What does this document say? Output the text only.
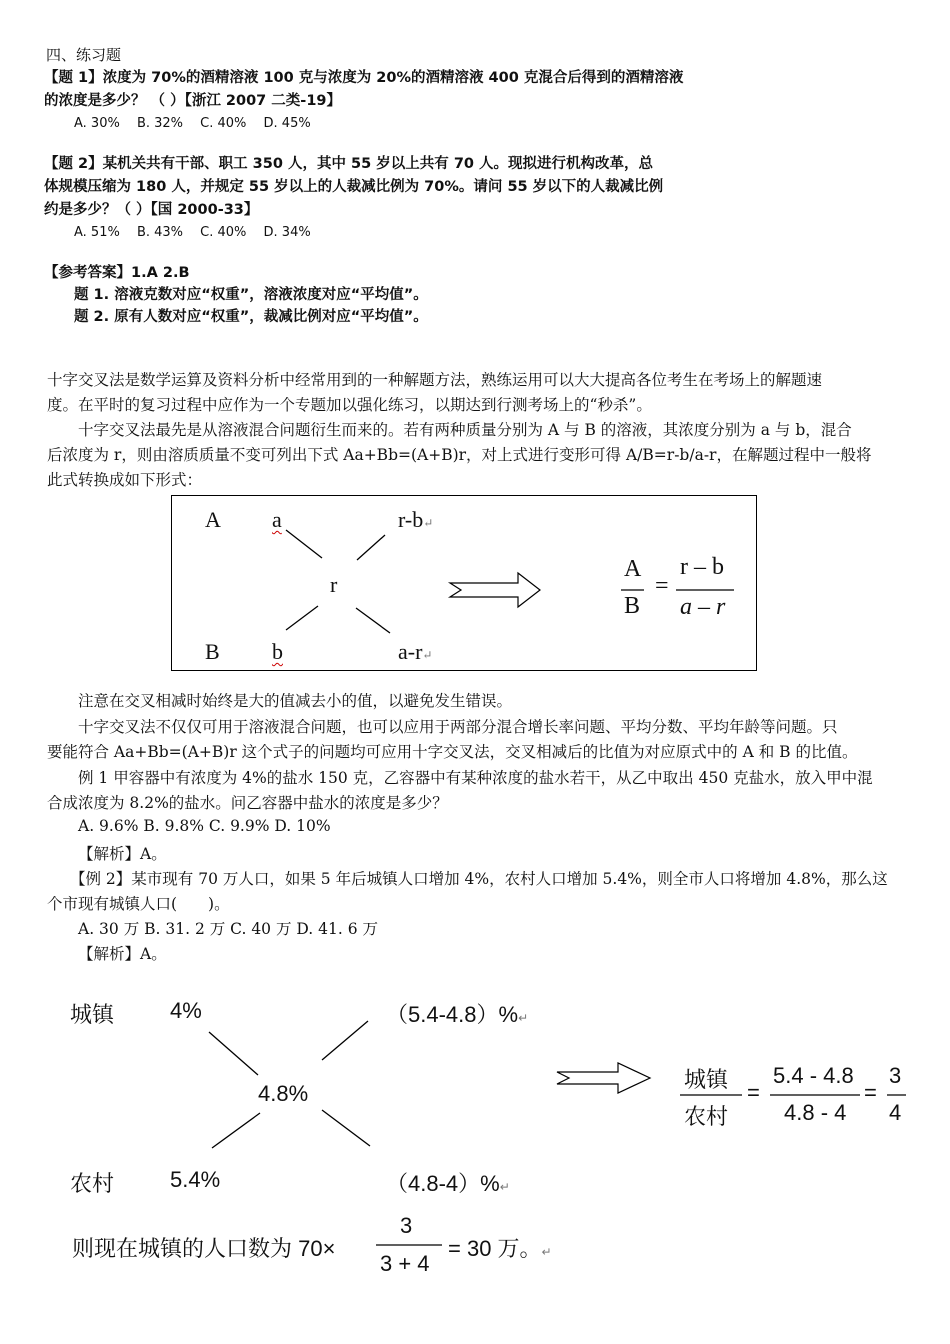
四、练习题
【题 1】浓度为 70%的酒精溶液 100 克与浓度为 20%的酒精溶液 400 克混合后得到的酒精溶液
的浓度是多少？ （ ）【浙江 2007 二类-19】
A. 30%　 B. 32%　 C. 40%　 D. 45%
【题 2】某机关共有干部、职工 350 人，其中 55 岁以上共有 70 人。现拟进行机构改革，总
体规模压缩为 180 人，并规定 55 岁以上的人裁减比例为 70%。请问 55 岁以下的人裁减比例
约是多少？（ ）【国 2000-33】
A. 51%　 B. 43%　 C. 40%　 D. 34%
【参考答案】1.A 2.B
题 1. 溶液克数对应“权重”，溶液浓度对应“平均值”。
题 2. 原有人数对应“权重”，裁减比例对应“平均值”。
十字交叉法是数学运算及资料分析中经常用到的一种解题方法，熟练运用可以大大提高各位考生在考场上的解题速
度。在平时的复习过程中应作为一个专题加以强化练习，以期达到行测考场上的“秒杀”。
十字交叉法最先是从溶液混合问题衍生而来的。若有两种质量分别为 A 与 B 的溶液，其浓度分别为 a 与 b，混合
后浓度为 r，则由溶质质量不变可列出下式 Aa+Bb=(A+B)r，对上式进行变形可得 A/B=r-b/a-r，在解题过程中一般将
此式转换成如下形式：
A a	r-b↵
r
B b	a-r↵
A
B
=
r – b
a – r
注意在交叉相减时始终是大的值减去小的值，以避免发生错误。
十字交叉法不仅仅可用于溶液混合问题，也可以应用于两部分混合增长率问题、平均分数、平均年龄等问题。只
要能符合 Aa+Bb=(A+B)r 这个式子的问题均可应用十字交叉法，交叉相减后的比值为对应原式中的 A 和 B 的比值。
例 1 甲容器中有浓度为 4%的盐水 150 克，乙容器中有某种浓度的盐水若干，从乙中取出 450 克盐水，放入甲中混
合成浓度为 8.2%的盐水。问乙容器中盐水的浓度是多少？
A. 9.6% B. 9.8% C. 9.9% D. 10%
【解析】A。
【例 2】某市现有 70 万人口，如果 5 年后城镇人口增加 4%，农村人口增加 5.4%，则全市人口将增加 4.8%，那么这
个市现有城镇人口(　　)。
A. 30 万 B. 31. 2 万 C. 40 万 D. 41. 6 万
【解析】A。
城镇	4%	（5.4-4.8）%↵
4.8%
农村	5.4%	（4.8-4）%↵
城镇
农村
=
5.4 - 4.8
4.8 - 4
=
3
4
则现在城镇的人口数为 70×
3
3 + 4
= 30 万。↵
